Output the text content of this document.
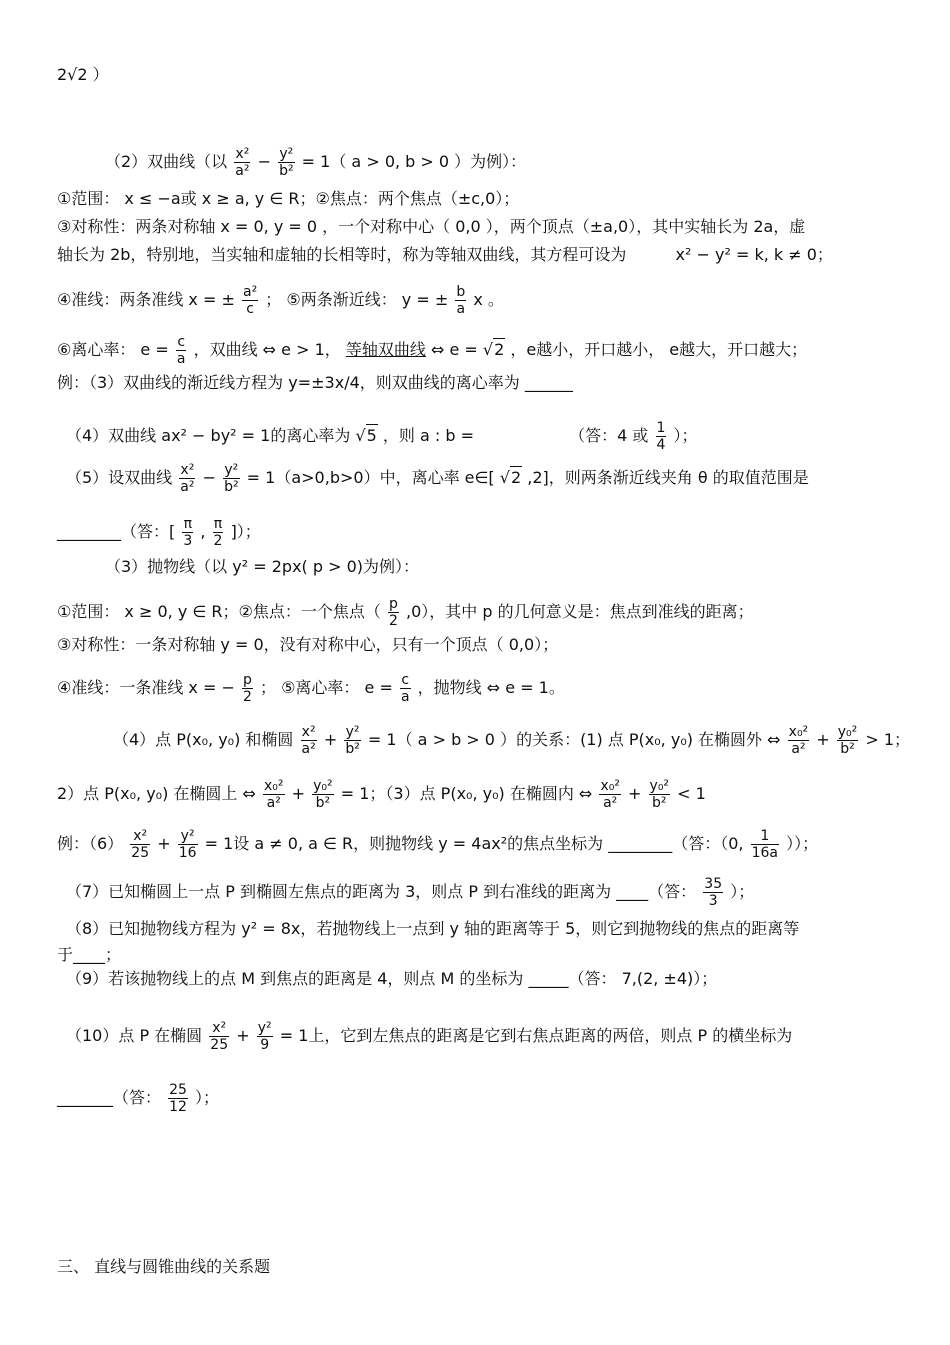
2√2 ）
（2）双曲线（以 $\frac{\text{x²}}{\text{a²}} - \frac{\text{y²}}{\text{b²}} = 1$（ a > 0, b > 0 ）为例）：
①范围： x ≤ −a或 x ≥ a, y ∈ R；②焦点：两个焦点（±c,0）；
③对称性：两条对称轴 x = 0, y = 0 ，一个对称中心（ 0,0 ），两个顶点（±a,0），其中实轴长为 2a，虚
轴长为 2b，特别地，当实轴和虚轴的长相等时，称为等轴双曲线，其方程可设为	x² − y² = k, k ≠ 0；
④准线：两条准线 x = ± $\frac{\text{a²}}{c}$ ； ⑤两条渐近线： y = ± $\frac{b}{a}$ x 。
⑥离心率： $e = \frac{c}{a}$ ，双曲线 ⇔ e > 1， 等轴双曲线 ⇔ e = √2 ，e越小，开口越小， e越大，开口越大；
例：（3）双曲线的渐近线方程为 y=±3x/4，则双曲线的离心率为 ______
（4）双曲线 ax² − by² = 1的离心率为 √5 ，则 a : b =	（答：4 或 $\frac{1}{4}$ ）；
（5）设双曲线 $\frac{\text{x²}}{\text{a²}} - \frac{\text{y²}}{\text{b²}} = 1(a>0,b>0)$中，离心率 e∈[ √2 ,2]，则两条渐近线夹角 θ 的取值范围是
________（答：[ $\frac{\pi}{3}$ , $\frac{\pi}{2}$ ]）；
（3）抛物线（以 y² = 2px( p > 0)为例）：
①范围： x ≥ 0, y ∈ R；②焦点：一个焦点（ $\frac{p}{2} ,0$），其中 p 的几何意义是：焦点到准线的距离；
③对称性：一条对称轴 y = 0，没有对称中心，只有一个顶点（ 0,0）；
④准线：一条准线 x = − $\frac{p}{2}$ ； ⑤离心率： $e = \frac{c}{a}$ ，抛物线 ⇔ e = 1。
（4）点 P(x₀, y₀) 和椭圆 $\frac{\text{x²}}{\text{a²}} + \frac{\text{y²}}{\text{b²}} = 1$（ a > b > 0 ）的关系：(1) 点 P(x₀, y₀) 在椭圆外 ⇔ $\frac{\text{x₀²}}{\text{a²}} + \frac{\text{y₀²}}{\text{b²}} > 1$；
2）点 P(x₀, y₀) 在椭圆上 ⇔ $\frac{\text{x₀²}}{\text{a²}} + \frac{\text{y₀²}}{\text{b²}} = 1$；（3）点 P(x₀, y₀) 在椭圆内 ⇔ $\frac{\text{x₀²}}{\text{a²}} + \frac{\text{y₀²}}{\text{b²}} < 1$
例：$(6) \frac{\text{x²}}{25} + \frac{\text{y²}}{16} = 1$设 a ≠ 0, a ∈ R，则抛物线 y = 4ax²的焦点坐标为 ________（答：（0, $\frac{1}{16a}$ ））；
（7）已知椭圆上一点 P 到椭圆左焦点的距离为 3，则点 P 到右准线的距离为 ____（答： $\frac{35}{3}$ ）；
（8）已知抛物线方程为 y² = 8x，若抛物线上一点到 y 轴的距离等于 5，则它到抛物线的焦点的距离等
于____；
（9）若该抛物线上的点 M 到焦点的距离是 4，则点 M 的坐标为 _____（答： 7,(2, ±4)）；
（10）点 P 在椭圆 $\frac{\text{x²}}{25} + \frac{\text{y²}}{9} = 1$上，它到左焦点的距离是它到右焦点距离的两倍，则点 P 的横坐标为
_______（答： $\frac{25}{12}$ ）；
三、 直线与圆锥曲线的关系题
